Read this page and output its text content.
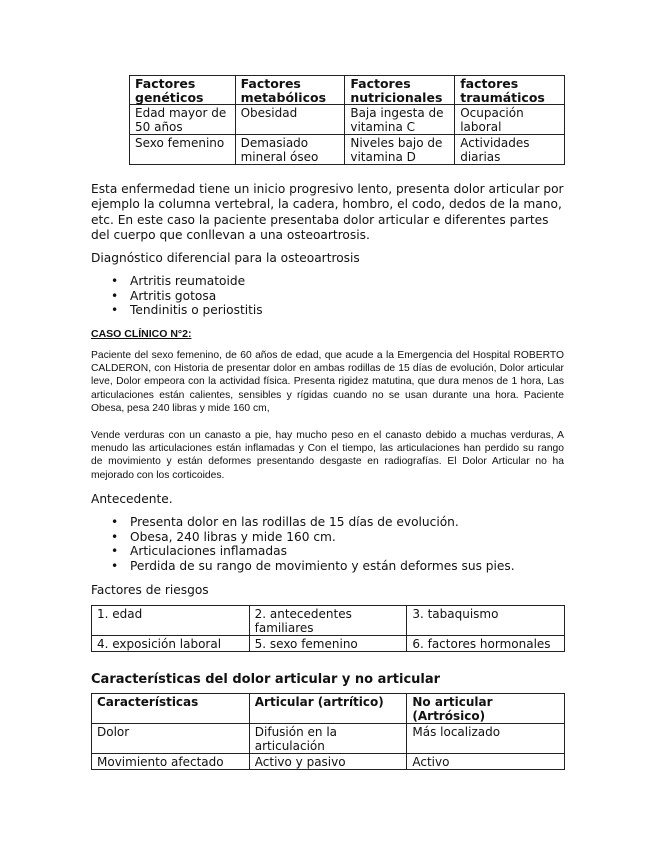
Factores genéticos	Factores metabólicos	Factores nutricionales	factores traumáticos
Edad mayor de 50 años	Obesidad	Baja ingesta de vitamina C	Ocupación laboral
Sexo femenino	Demasiado mineral óseo	Niveles bajo de vitamina D	Actividades diarias
Esta enfermedad tiene un inicio progresivo lento, presenta dolor articular por ejemplo la columna vertebral, la cadera, hombro, el codo, dedos de la mano, etc. En este caso la paciente presentaba dolor articular e diferentes partes del cuerpo que conllevan a una osteoartrosis.
Diagnóstico diferencial para la osteoartrosis
• Artritis reumatoide
• Artritis gotosa
• Tendinitis o periostitis
CASO CLÍNICO N°2:
Paciente del sexo femenino, de 60 años de edad, que acude a la Emergencia del Hospital ROBERTO CALDERON, con Historia de presentar dolor en ambas rodillas de 15 días de evolución, Dolor articular leve, Dolor empeora con la actividad física. Presenta rigidez matutina, que dura menos de 1 hora, Las articulaciones están calientes, sensibles y rígidas cuando no se usan durante una hora. Paciente Obesa, pesa 240 libras y mide 160 cm,
Vende verduras con un canasto a pie, hay mucho peso en el canasto debido a muchas verduras, A menudo las articulaciones están inflamadas y Con el tiempo, las articulaciones han perdido su rango de movimiento y están deformes presentando desgaste en radiografías. El Dolor Articular no ha mejorado con los corticoides.
Antecedente.
• Presenta dolor en las rodillas de 15 días de evolución.
• Obesa, 240 libras y mide 160 cm.
• Articulaciones inflamadas
• Perdida de su rango de movimiento y están deformes sus pies.
Factores de riesgos
1. edad	2. antecedentes familiares	3. tabaquismo
4. exposición laboral	5. sexo femenino	6. factores hormonales
Características del dolor articular y no articular
Características	Articular (artrítico)	No articular (Artrósico)
Dolor	Difusión en la articulación	Más localizado
Movimiento afectado	Activo y pasivo	Activo
